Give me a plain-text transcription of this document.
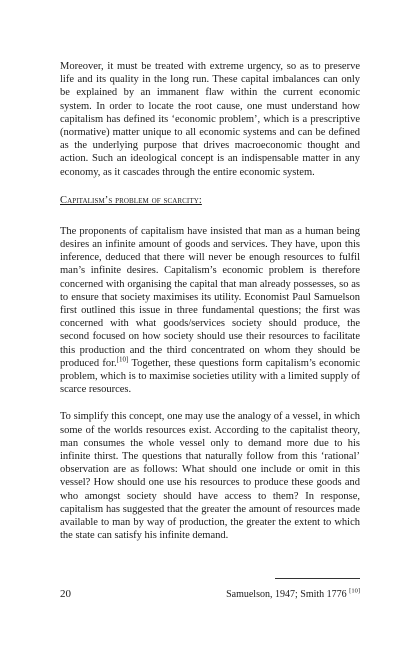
Moreover, it must be treated with extreme urgency, so as to preserve life and its quality in the long run. These capital imbalances can only be explained by an immanent flaw within the current economic system. In order to locate the root cause, one must understand how capitalism has defined its ‘economic problem’, which is a prescriptive (normative) matter unique to all economic systems and can be defined as the underlying purpose that drives macroeconomic thought and action. Such an ideological concept is an indispensable matter in any economy, as it cascades through the entire economic system.

Capitalism’s problem of scarcity:

The proponents of capitalism have insisted that man as a human being desires an infinite amount of goods and services. They have, upon this inference, deduced that there will never be enough resources to fulfil man’s infinite desires. Capitalism’s economic problem is therefore concerned with organising the capital that man already possesses, so as to ensure that society maximises its utility. Economist Paul Samuelson first outlined this issue in three fundamental questions; the first was concerned with what goods/services society should produce, the second focused on how society should use their resources to facilitate this production and the third concentrated on whom they should be produced for.[10] Together, these questions form capitalism’s economic problem, which is to maximise societies utility with a limited supply of scarce resources.

To simplify this concept, one may use the analogy of a vessel, in which some of the worlds resources exist. According to the capitalist theory, man consumes the whole vessel only to demand more due to his infinite thirst. The questions that naturally follow from this ‘rational’ observation are as follows: What should one include or omit in this vessel? How should one use his resources to produce these goods and who amongst society should have access to them? In response, capitalism has suggested that the greater the amount of resources made available to man by way of production, the greater the extent to which the state can satisfy his infinite demand.

20	Samuelson, 1947; Smith 1776 [10]
